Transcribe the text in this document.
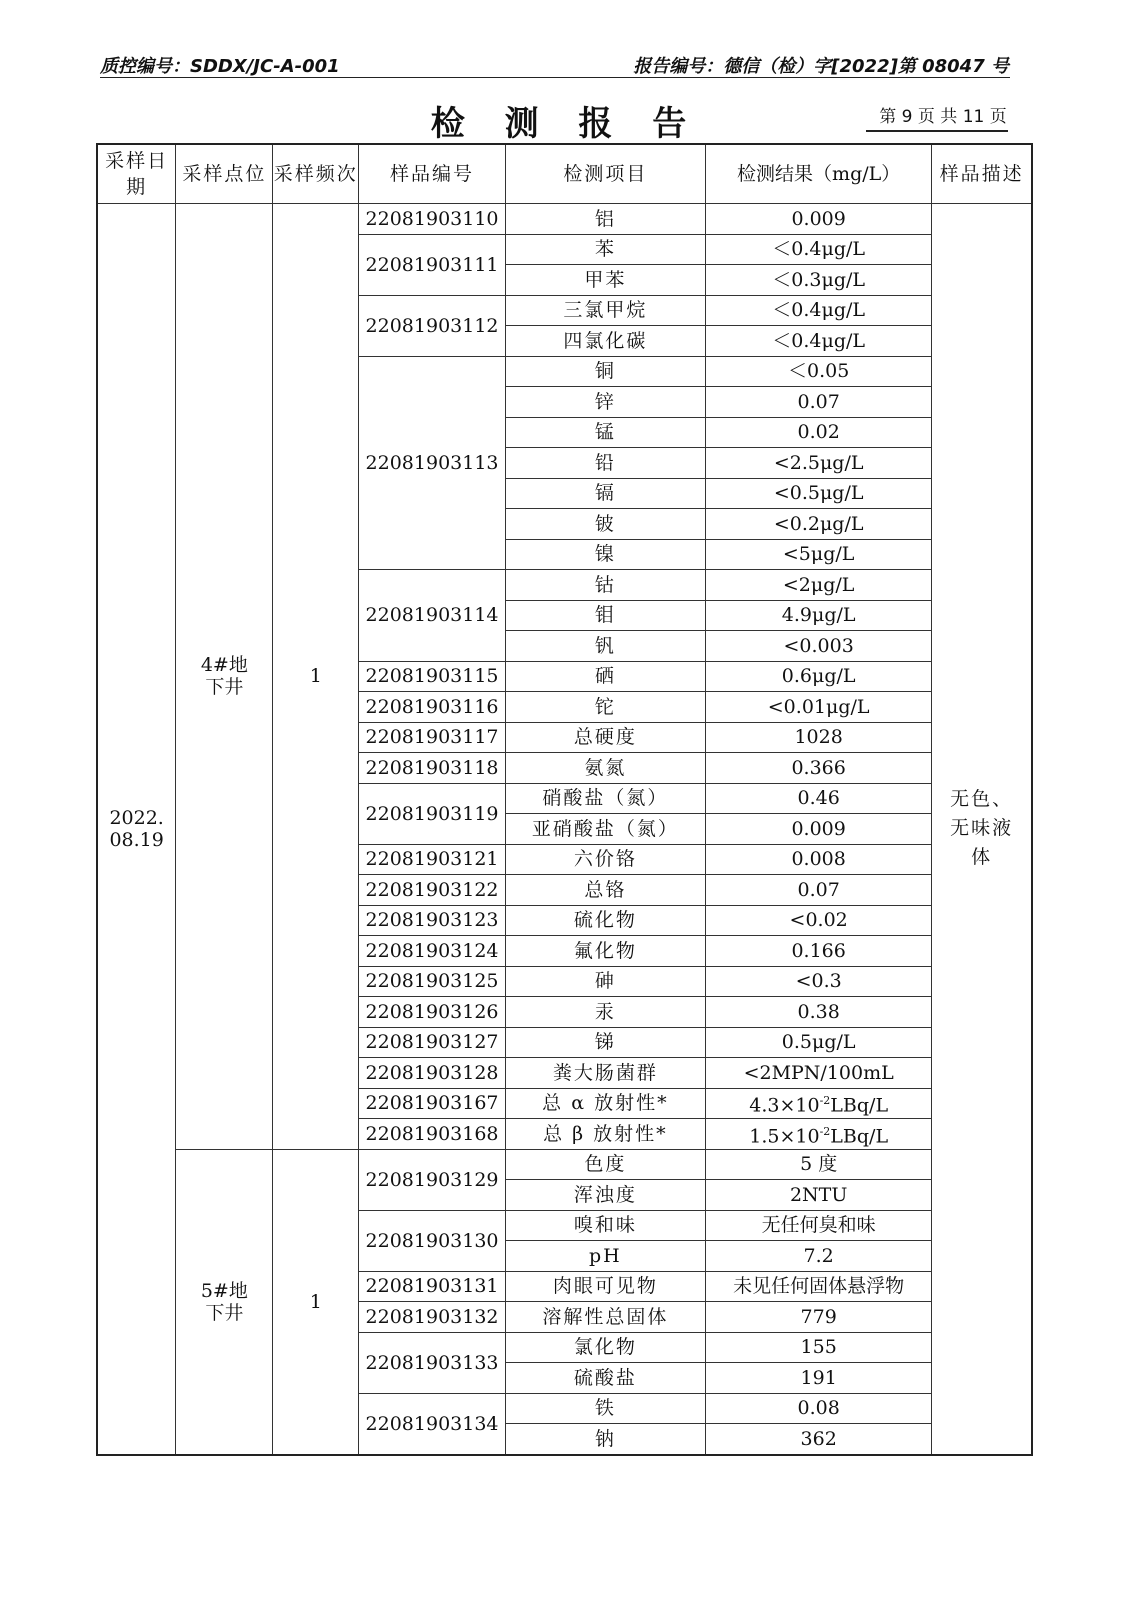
质控编号：SDDX/JC-A-001	报告编号：德信（检）字[2022]第 08047 号
检 测 报 告	第 9 页 共 11 页
采样日期	采样点位	采样频次	样品编号	检测项目	检测结果（mg/L）	样品描述
2022.08.19	4#地下井	1	22081903110	铝	0.009	无色、无味液体
			22081903111	苯	＜0.4μg/L	
				甲苯	＜0.3μg/L	
			22081903112	三氯甲烷	＜0.4μg/L	
				四氯化碳	＜0.4μg/L	
			22081903113	铜	＜0.05	
				锌	0.07	
				锰	0.02	
				铅	<2.5μg/L	
				镉	<0.5μg/L	
				铍	<0.2μg/L	
				镍	<5μg/L	
			22081903114	钴	<2μg/L	
				钼	4.9μg/L	
				钒	<0.003	
			22081903115	硒	0.6μg/L	
			22081903116	铊	<0.01μg/L	
			22081903117	总硬度	1028	
			22081903118	氨氮	0.366	
			22081903119	硝酸盐（氮）	0.46	
				亚硝酸盐（氮）	0.009	
			22081903121	六价铬	0.008	
			22081903122	总铬	0.07	
			22081903123	硫化物	<0.02	
			22081903124	氟化物	0.166	
			22081903125	砷	<0.3	
			22081903126	汞	0.38	
			22081903127	锑	0.5μg/L	
			22081903128	粪大肠菌群	<2MPN/100mL	
			22081903167	总 α 放射性*	$4.3\times 10^{-2}LBq/L$	
			22081903168	总 β 放射性*	$1.5\times 10^{-2}LBq/L$	
	5#地下井	1	22081903129	色度	5 度	
				浑浊度	2NTU	
			22081903130	嗅和味	无任何臭和味	
				pH	7.2	
			22081903131	肉眼可见物	未见任何固体悬浮物	
			22081903132	溶解性总固体	779	
			22081903133	氯化物	155	
				硫酸盐	191	
			22081903134	铁	0.08	
				钠	362	
